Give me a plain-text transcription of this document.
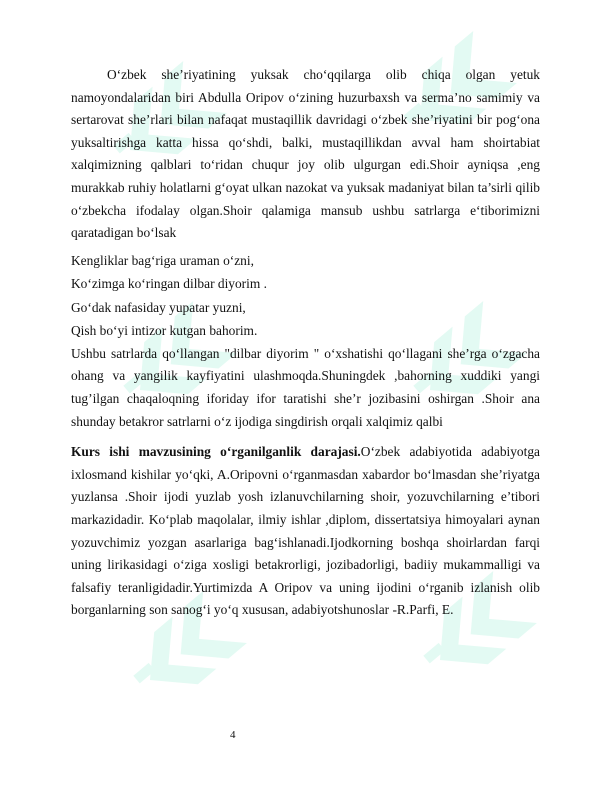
O‘zbek she’riyatining yuksak cho‘qqilarga olib chiqa olgan yetuk namoyondalaridan biri Abdulla Oripov o‘zining huzurbaxsh va serma’no samimiy va sertarovat she’rlari bilan nafaqat mustaqillik davridagi o‘zbek she’riyatini bir pog‘ona yuksaltirishga katta hissa qo‘shdi, balki, mustaqillikdan avval ham shoirtabiat xalqimizning qalblari to‘ridan chuqur joy olib ulgurgan edi.Shoir ayniqsa ,eng murakkab ruhiy holatlarni g‘oyat ulkan nazokat va yuksak madaniyat bilan ta’sirli qilib o‘zbekcha ifodalay olgan.Shoir qalamiga mansub ushbu satrlarga e‘tiborimizni qaratadigan bo‘lsak

Kengliklar bag‘riga uraman o‘zni,

Ko‘zimga ko‘ringan dilbar diyorim .

Go‘dak nafasiday yupatar yuzni,

Qish bo‘yi intizor kutgan bahorim.

Ushbu satrlarda qo‘llangan "dilbar diyorim " o‘xshatishi qo‘llagani she’rga o‘zgacha ohang va yangilik kayfiyatini ulashmoqda.Shuningdek ,bahorning xuddiki yangi tug’ilgan chaqaloqning iforiday ifor taratishi she’r jozibasini oshirgan .Shoir ana shunday betakror satrlarni o‘z ijodiga singdirish orqali xalqimiz qalbi

Kurs ishi mavzusining o‘rganilganlik darajasi.O‘zbek adabiyotida adabiyotga ixlosmand kishilar yo‘qki, A.Oripovni o‘rganmasdan xabardor bo‘lmasdan she’riyatga yuzlansa .Shoir ijodi yuzlab yosh izlanuvchilarning shoir, yozuvchilarning e’tibori markazidadir. Ko‘plab maqolalar, ilmiy ishlar ,diplom, dissertatsiya himoyalari aynan yozuvchimiz yozgan asarlariga bag‘ishlanadi.Ijodkorning boshqa shoirlardan farqi uning lirikasidagi o‘ziga xosligi betakrorligi, jozibadorligi, badiiy mukammalligi va falsafiy teranligidadir.Yurtimizda A Oripov va uning ijodini o‘rganib izlanish olib borganlarning son sanog‘i yo‘q xususan, adabiyotshunoslar -R.Parfi, E.

4
